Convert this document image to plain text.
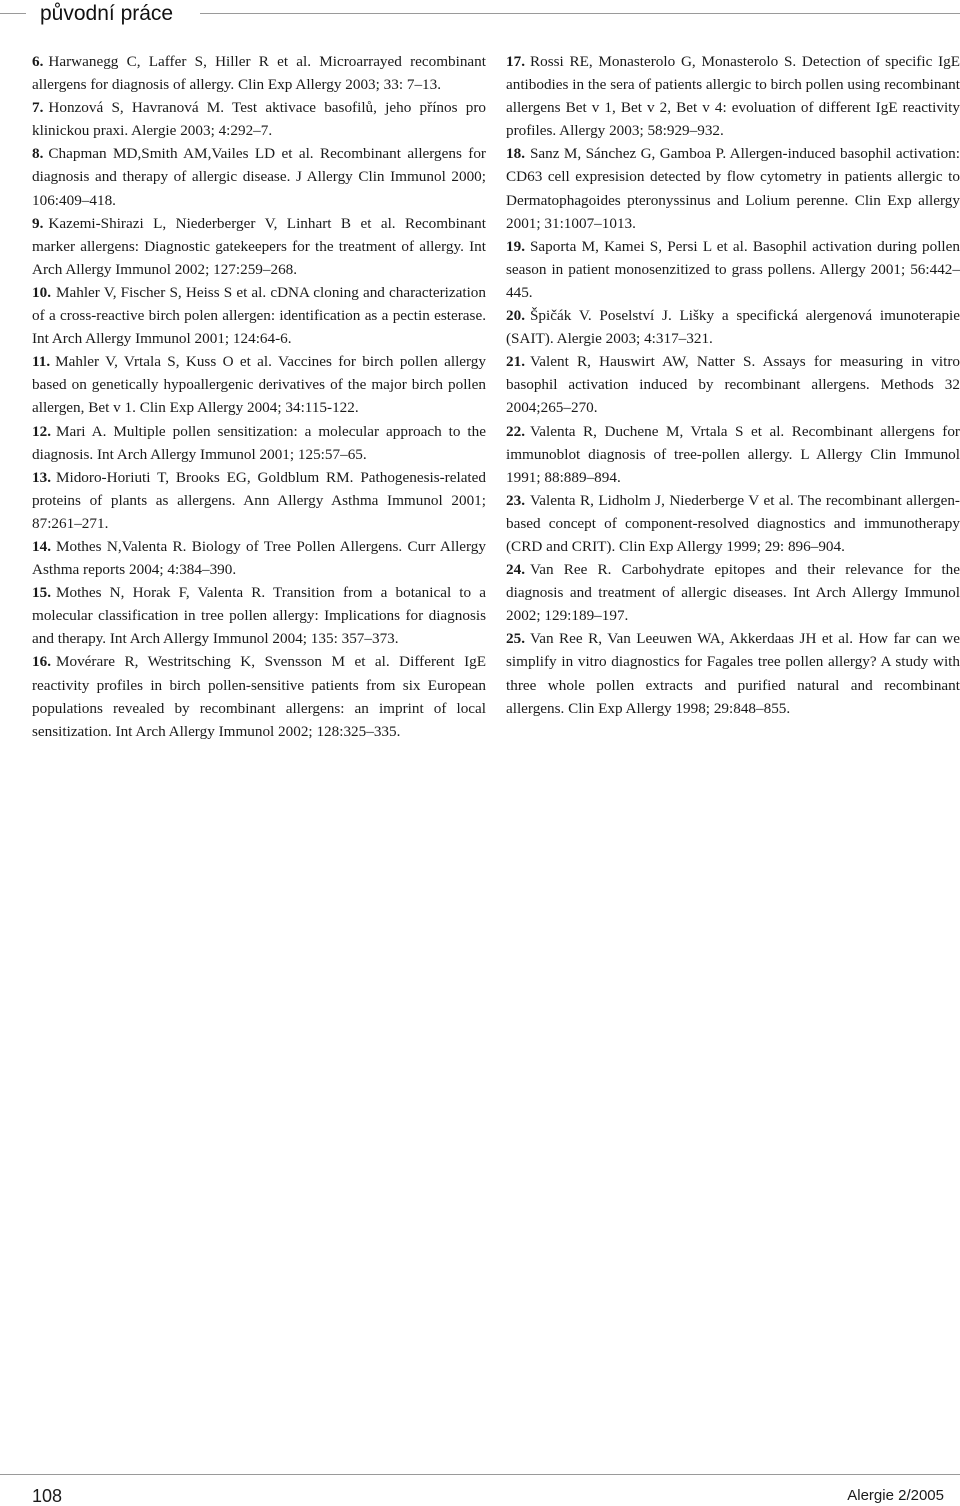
původní práce

6. Harwanegg C, Laffer S, Hiller R et al. Microarrayed recombinant allergens for diagnosis of allergy. Clin Exp Allergy 2003; 33: 7–13.

7. Honzová S, Havranová M. Test aktivace basofilů, jeho přínos pro klinickou praxi. Alergie 2003; 4:292–7.

8. Chapman MD,Smith AM,Vailes LD et al. Recombinant allergens for diagnosis and therapy of allergic disease. J Allergy Clin Immunol 2000; 106:409–418.

9. Kazemi-Shirazi L, Niederberger V, Linhart B et al. Recombinant marker allergens: Diagnostic gatekeepers for the treatment of allergy. Int Arch Allergy Immunol 2002; 127:259–268.

10. Mahler V, Fischer S, Heiss S et al. cDNA cloning and characterization of a cross-reactive birch polen allergen: identification as a pectin esterase. Int Arch Allergy Immunol 2001; 124:64-6.

11. Mahler V, Vrtala S, Kuss O et al. Vaccines for birch pollen allergy based on genetically hypoallergenic derivatives of the major birch pollen allergen, Bet v 1. Clin Exp Allergy 2004; 34:115-122.

12. Mari A. Multiple pollen sensitization: a molecular approach to the diagnosis. Int Arch Allergy Immunol 2001; 125:57–65.

13. Midoro-Horiuti T, Brooks EG, Goldblum RM. Pathogenesis-related proteins of plants as allergens. Ann Allergy Asthma Immunol 2001; 87:261–271.

14. Mothes N,Valenta R. Biology of Tree Pollen Allergens. Curr Allergy Asthma reports 2004; 4:384–390.

15. Mothes N, Horak F, Valenta R. Transition from a botanical to a molecular classification in tree pollen allergy: Implications for diagnosis and therapy. Int Arch Allergy Immunol 2004; 135: 357–373.

16. Movérare R, Westritsching K, Svensson M et al. Different IgE reactivity profiles in birch pollen-sensitive patients from six European populations revealed by recombinant allergens: an imprint of local sensitization. Int Arch Allergy Immunol 2002; 128:325–335.

17. Rossi RE, Monasterolo G, Monasterolo S. Detection of specific IgE antibodies in the sera of patients allergic to birch pollen using recombinant allergens Bet v 1, Bet v 2, Bet v 4: evoluation of different IgE reactivity profiles. Allergy 2003; 58:929–932.

18. Sanz M, Sánchez G, Gamboa P. Allergen-induced basophil activation: CD63 cell expresision detected by flow cytometry in patients allergic to Dermatophagoides pteronyssinus and Lolium perenne. Clin Exp allergy 2001; 31:1007–1013.

19. Saporta M, Kamei S, Persi L et al. Basophil activation during pollen season in patient monosenzitized to grass pollens. Allergy 2001; 56:442–445.

20. Špičák V. Poselství J. Lišky a specifická alergenová imunoterapie (SAIT). Alergie 2003; 4:317–321.

21. Valent R, Hauswirt AW, Natter S. Assays for measuring in vitro basophil activation induced by recombinant allergens. Methods 32 2004;265–270.

22. Valenta R, Duchene M, Vrtala S et al. Recombinant allergens for immunoblot diagnosis of tree-pollen allergy. L Allergy Clin Immunol 1991; 88:889–894.

23. Valenta R, Lidholm J, Niederberge V et al. The recombinant allergen-based concept of component-resolved diagnostics and immunotherapy (CRD and CRIT). Clin Exp Allergy 1999; 29: 896–904.

24. Van Ree R. Carbohydrate epitopes and their relevance for the diagnosis and treatment of allergic diseases. Int Arch Allergy Immunol 2002; 129:189–197.

25. Van Ree R, Van Leeuwen WA, Akkerdaas JH et al. How far can we simplify in vitro diagnostics for Fagales tree pollen allergy? A study with three whole pollen extracts and purified natural and recombinant allergens. Clin Exp Allergy 1998; 29:848–855.

108	Alergie 2/2005
